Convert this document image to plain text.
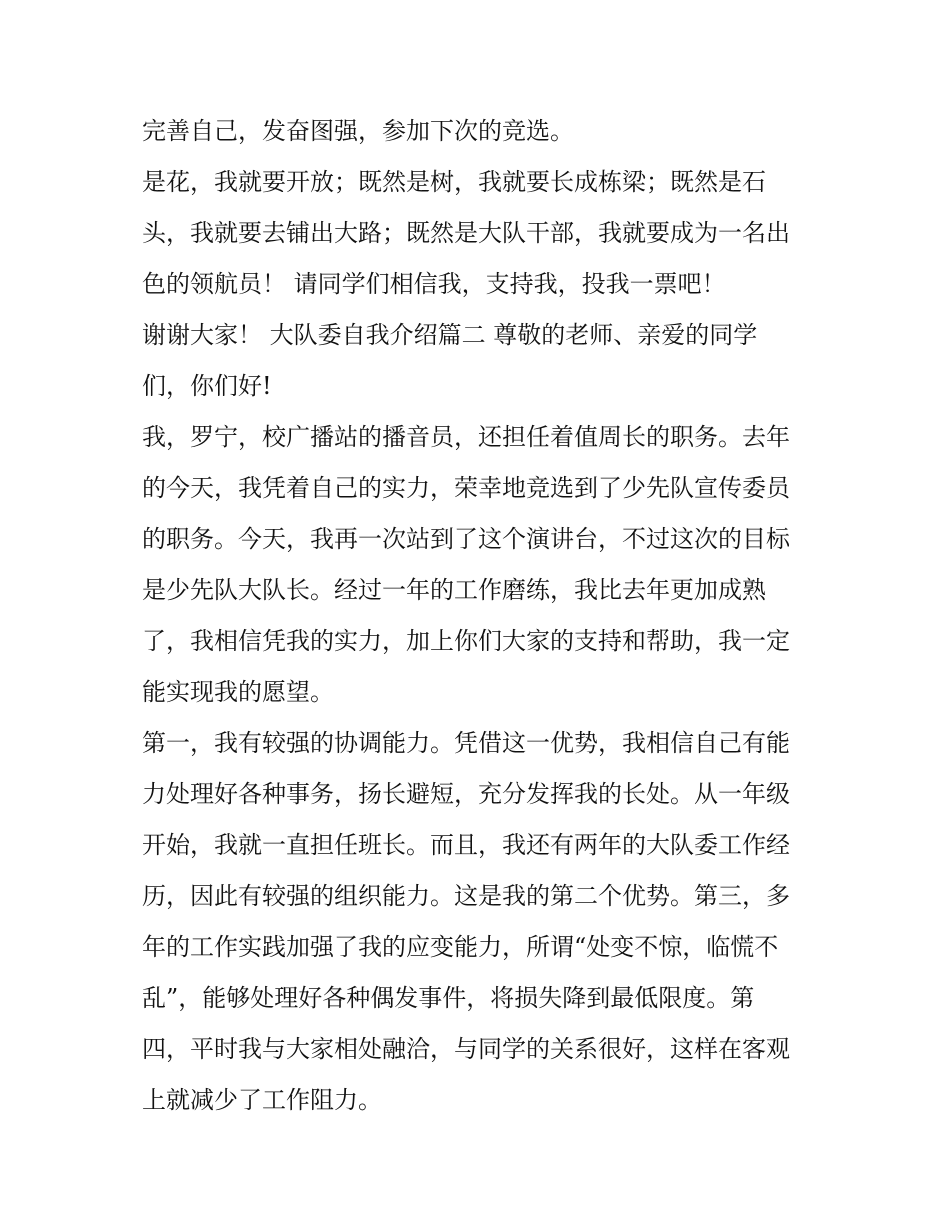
完善自己，发奋图强，参加下次的竞选。
是花，我就要开放；既然是树，我就要长成栋梁；既然是石
头，我就要去铺出大路；既然是大队干部，我就要成为一名出
色的领航员！ 请同学们相信我，支持我，投我一票吧！
谢谢大家！ 大队委自我介绍篇二 尊敬的老师、亲爱的同学
们，你们好!
我，罗宁，校广播站的播音员，还担任着值周长的职务。去年
的今天，我凭着自己的实力，荣幸地竞选到了少先队宣传委员
的职务。今天，我再一次站到了这个演讲台，不过这次的目标
是少先队大队长。经过一年的工作磨练，我比去年更加成熟
了，我相信凭我的实力，加上你们大家的支持和帮助，我一定
能实现我的愿望。
第一，我有较强的协调能力。凭借这一优势，我相信自己有能
力处理好各种事务，扬长避短，充分发挥我的长处。从一年级
开始，我就一直担任班长。而且，我还有两年的大队委工作经
历，因此有较强的组织能力。这是我的第二个优势。第三，多
年的工作实践加强了我的应变能力，所谓“处变不惊，临慌不
乱”，能够处理好各种偶发事件，将损失降到最低限度。第
四，平时我与大家相处融洽，与同学的关系很好，这样在客观
上就减少了工作阻力。
